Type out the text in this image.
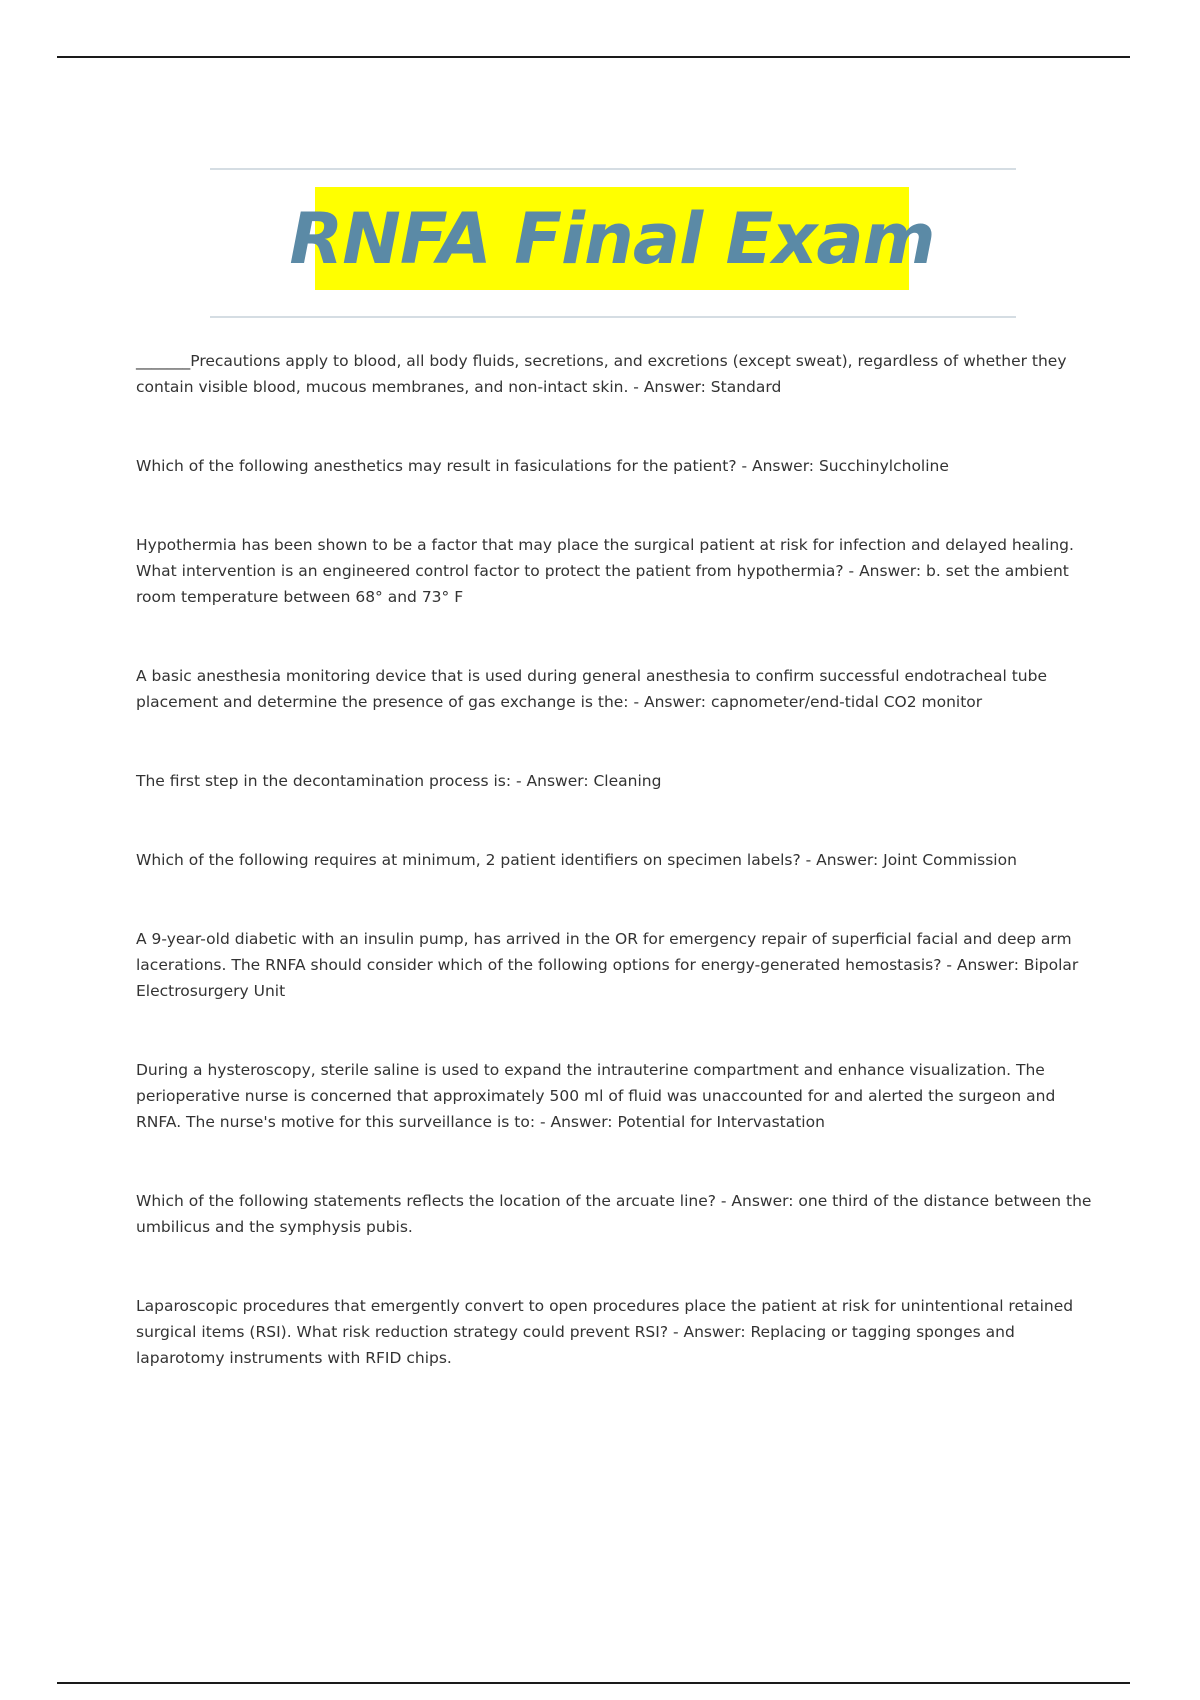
RNFA Final Exam
_______Precautions apply to blood, all body fluids, secretions, and excretions (except sweat), regardless of whether they contain visible blood, mucous membranes, and non-intact skin. - Answer: Standard
Which of the following anesthetics may result in fasiculations for the patient? - Answer: Succhinylcholine
Hypothermia has been shown to be a factor that may place the surgical patient at risk for infection and delayed healing. What intervention is an engineered control factor to protect the patient from hypothermia? - Answer: b. set the ambient room temperature between 68° and 73° F
A basic anesthesia monitoring device that is used during general anesthesia to confirm successful endotracheal tube placement and determine the presence of gas exchange is the: - Answer: capnometer/end-tidal CO2 monitor
The first step in the decontamination process is: - Answer: Cleaning
Which of the following requires at minimum, 2 patient identifiers on specimen labels? - Answer: Joint Commission
A 9-year-old diabetic with an insulin pump, has arrived in the OR for emergency repair of superficial facial and deep arm lacerations. The RNFA should consider which of the following options for energy-generated hemostasis? - Answer: Bipolar Electrosurgery Unit
During a hysteroscopy, sterile saline is used to expand the intrauterine compartment and enhance visualization. The perioperative nurse is concerned that approximately 500 ml of fluid was unaccounted for and alerted the surgeon and RNFA. The nurse's motive for this surveillance is to: - Answer: Potential for Intervastation
Which of the following statements reflects the location of the arcuate line? - Answer: one third of the distance between the umbilicus and the symphysis pubis.
Laparoscopic procedures that emergently convert to open procedures place the patient at risk for unintentional retained surgical items (RSI). What risk reduction strategy could prevent RSI? - Answer: Replacing or tagging sponges and laparotomy instruments with RFID chips.
